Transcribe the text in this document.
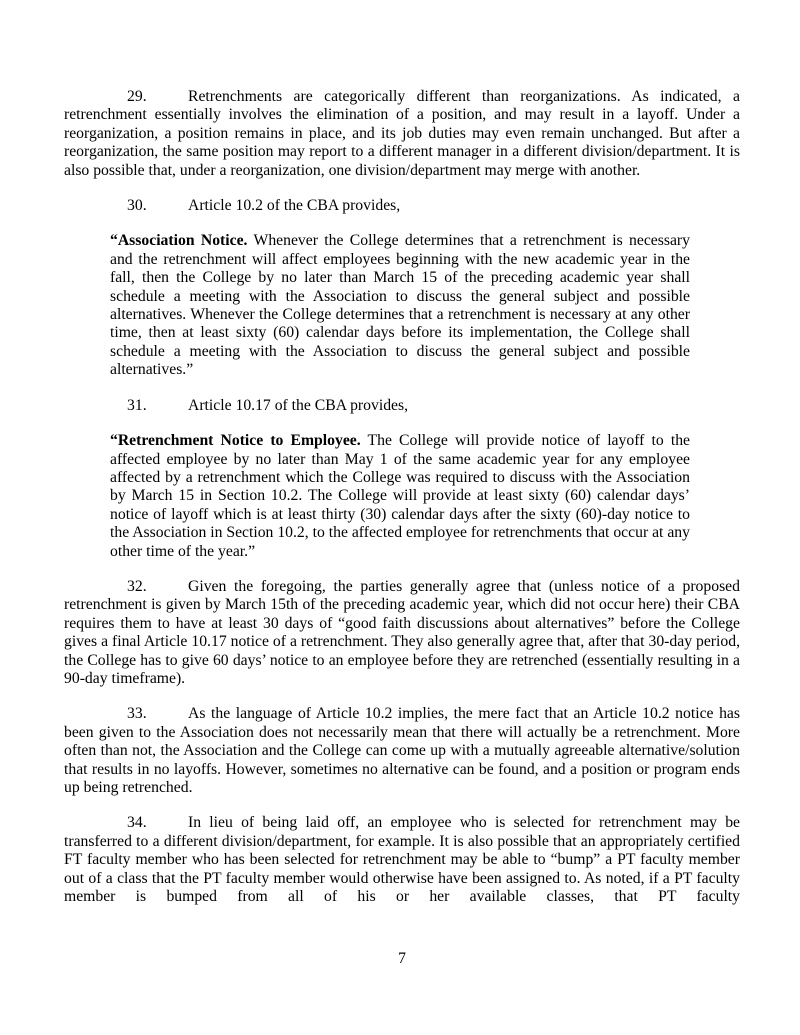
29.	Retrenchments are categorically different than reorganizations. As indicated, a retrenchment essentially involves the elimination of a position, and may result in a layoff. Under a reorganization, a position remains in place, and its job duties may even remain unchanged. But after a reorganization, the same position may report to a different manager in a different division/department. It is also possible that, under a reorganization, one division/department may merge with another.

30.	Article 10.2 of the CBA provides,

“Association Notice. Whenever the College determines that a retrenchment is necessary and the retrenchment will affect employees beginning with the new academic year in the fall, then the College by no later than March 15 of the preceding academic year shall schedule a meeting with the Association to discuss the general subject and possible alternatives. Whenever the College determines that a retrenchment is necessary at any other time, then at least sixty (60) calendar days before its implementation, the College shall schedule a meeting with the Association to discuss the general subject and possible alternatives.”

31.	Article 10.17 of the CBA provides,

“Retrenchment Notice to Employee. The College will provide notice of layoff to the affected employee by no later than May 1 of the same academic year for any employee affected by a retrenchment which the College was required to discuss with the Association by March 15 in Section 10.2. The College will provide at least sixty (60) calendar days’ notice of layoff which is at least thirty (30) calendar days after the sixty (60)-day notice to the Association in Section 10.2, to the affected employee for retrenchments that occur at any other time of the year.”

32.	Given the foregoing, the parties generally agree that (unless notice of a proposed retrenchment is given by March 15th of the preceding academic year, which did not occur here) their CBA requires them to have at least 30 days of “good faith discussions about alternatives” before the College gives a final Article 10.17 notice of a retrenchment. They also generally agree that, after that 30-day period, the College has to give 60 days’ notice to an employee before they are retrenched (essentially resulting in a 90-day timeframe).

33.	As the language of Article 10.2 implies, the mere fact that an Article 10.2 notice has been given to the Association does not necessarily mean that there will actually be a retrenchment. More often than not, the Association and the College can come up with a mutually agreeable alternative/solution that results in no layoffs. However, sometimes no alternative can be found, and a position or program ends up being retrenched.

34.	In lieu of being laid off, an employee who is selected for retrenchment may be transferred to a different division/department, for example. It is also possible that an appropriately certified FT faculty member who has been selected for retrenchment may be able to “bump” a PT faculty member out of a class that the PT faculty member would otherwise have been assigned to. As noted, if a PT faculty member is bumped from all of his or her available classes, that PT faculty

7
